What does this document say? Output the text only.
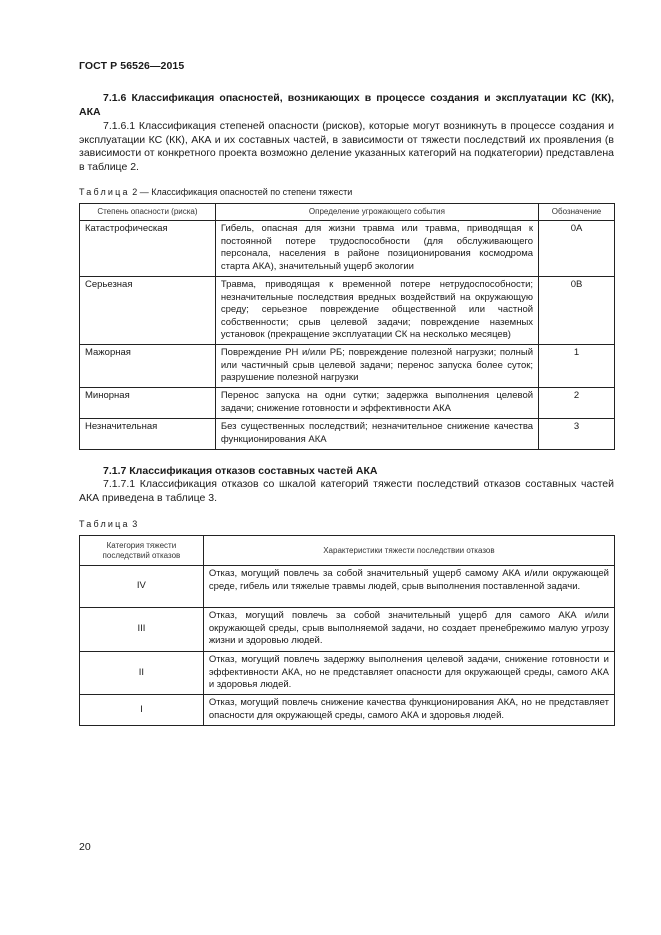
ГОСТ Р 56526—2015
7.1.6 Классификация опасностей, возникающих в процессе создания и эксплуатации КС (КК), АКА
7.1.6.1 Классификация степеней опасности (рисков), которые могут возникнуть в процессе создания и эксплуатации КС (КК), АКА и их составных частей, в зависимости от тяжести последствий их проявления (в зависимости от конкретного проекта возможно деление указанных категорий на подкатегории) представлена в таблице 2.
Таблица 2 — Классификация опасностей по степени тяжести
Степень опасности (риска)	Определение угрожающего события	Обозначение
Катастрофическая	Гибель, опасная для жизни травма или травма, приводящая к постоянной потере трудоспособности (для обслуживающего персонала, населения в районе позиционирования космодрома старта АКА), значительный ущерб экологии	0А
Серьезная	Травма, приводящая к временной потере нетрудоспособности; незначительные последствия вредных воздействий на окружающую среду; серьезное повреждение общественной или частной собственности; срыв целевой задачи; повреждение наземных установок (прекращение эксплуатации СК на несколько месяцев)	0В
Мажорная	Повреждение РН и/или РБ; повреждение полезной нагрузки; полный или частичный срыв целевой задачи; перенос запуска более суток; разрушение полезной нагрузки	1
Минорная	Перенос запуска на одни сутки; задержка выполнения целевой задачи; снижение готовности и эффективности АКА	2
Незначительная	Без существенных последствий; незначительное снижение качества функционирования АКА	3
7.1.7 Классификация отказов составных частей АКА
7.1.7.1 Классификация отказов со шкалой категорий тяжести последствий отказов составных частей АКА приведена в таблице 3.
Таблица 3
Категория тяжести последствий отказов	Характеристики тяжести последствии отказов
IV	Отказ, могущий повлечь за собой значительный ущерб самому АКА и/или окружающей среде, гибель или тяжелые травмы людей, срыв выполнения поставленной задачи.
III	Отказ, могущий повлечь за собой значительный ущерб для самого АКА и/или окружающей среды, срыв выполняемой задачи, но создает пренебрежимо малую угрозу жизни и здоровью людей.
II	Отказ, могущий повлечь задержку выполнения целевой задачи, снижение готовности и эффективности АКА, но не представляет опасности для окружающей среды, самого АКА и здоровья людей.
I	Отказ, могущий повлечь снижение качества функционирования АКА, но не представляет опасности для окружающей среды, самого АКА и здоровья людей.
20
